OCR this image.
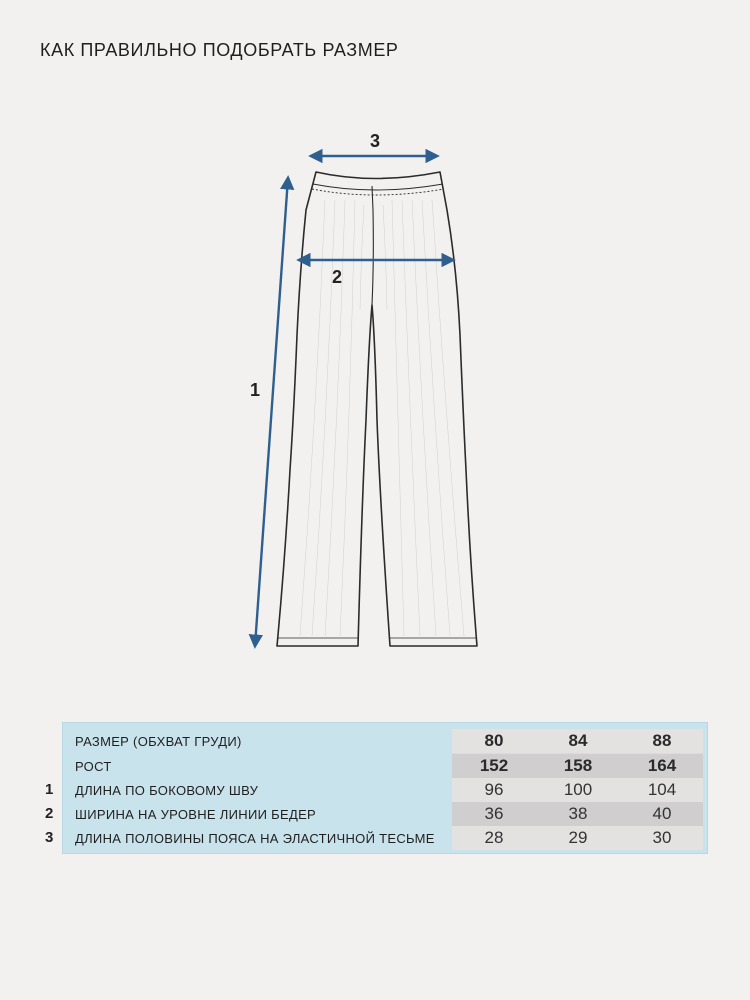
КАК ПРАВИЛЬНО ПОДОБРАТЬ РАЗМЕР
1
2
3
РАЗМЕР (ОБХВАТ ГРУДИ)	80	84	88
РОСТ	152	158	164
1 ДЛИНА ПО БОКОВОМУ ШВУ	96	100	104
2 ШИРИНА НА УРОВНЕ ЛИНИИ БЕДЕР	36	38	40
3 ДЛИНА ПОЛОВИНЫ ПОЯСА НА ЭЛАСТИЧНОЙ ТЕСЬМЕ	28	29	30
